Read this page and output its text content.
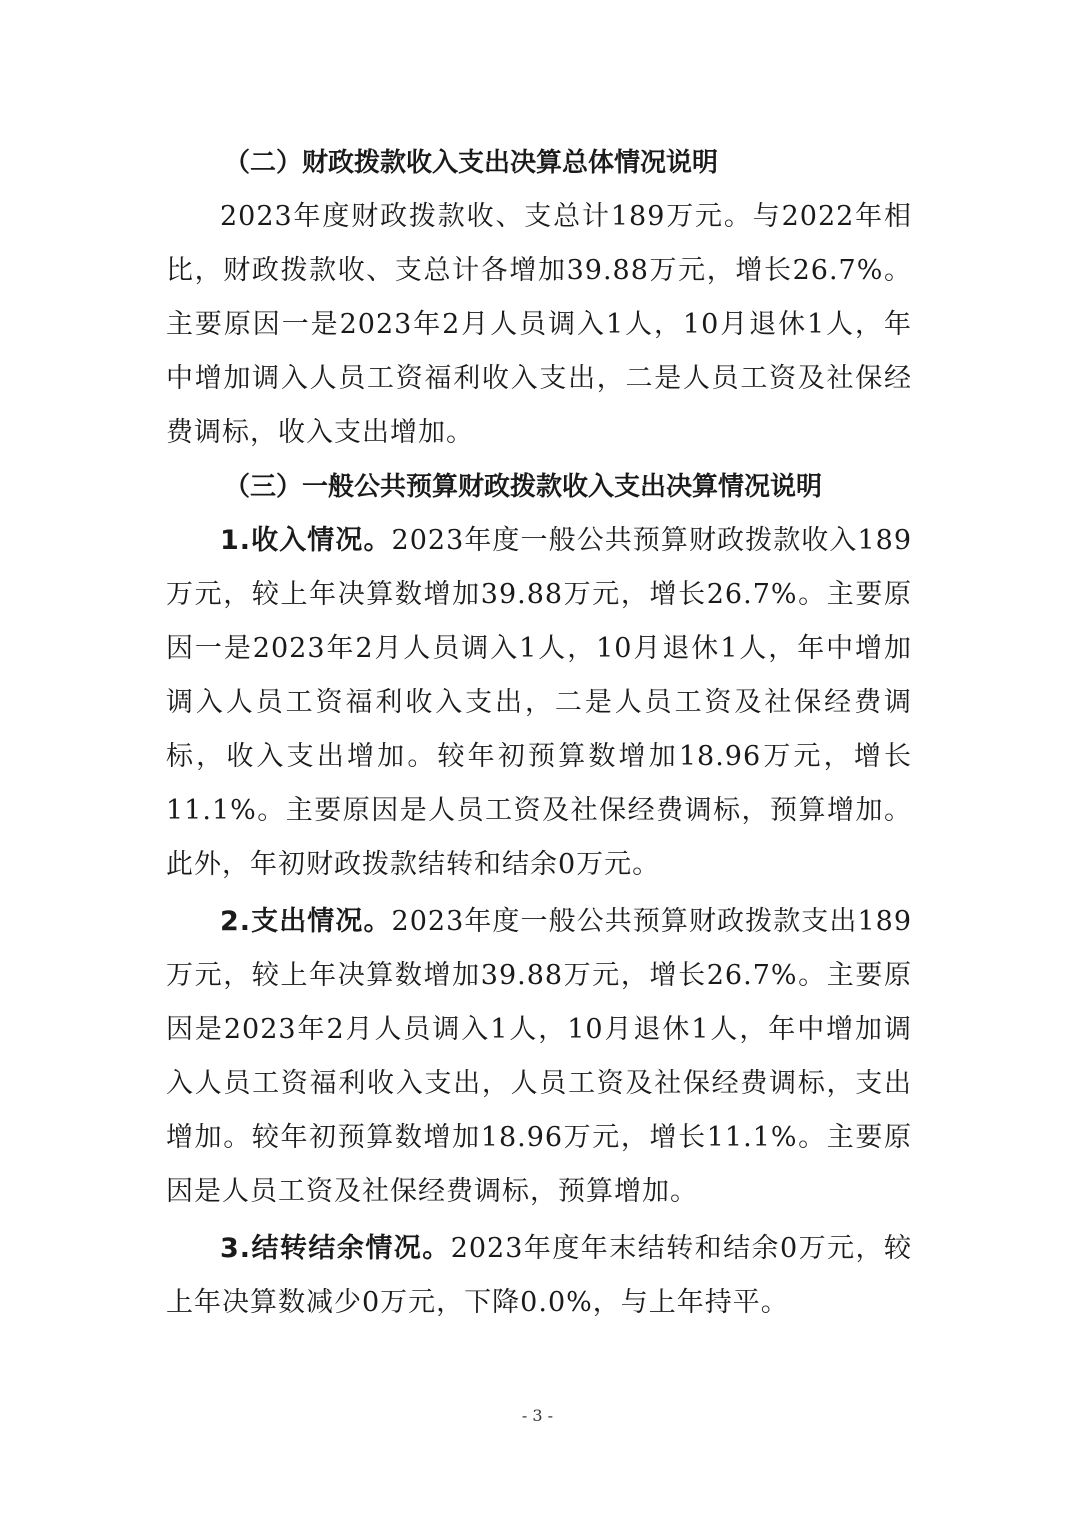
（二）财政拨款收入支出决算总体情况说明

2023年度财政拨款收、支总计189万元。与2022年相比，财政拨款收、支总计各增加39.88万元，增长26.7%。主要原因一是2023年2月人员调入1人，10月退休1人，年中增加调入人员工资福利收入支出，二是人员工资及社保经费调标，收入支出增加。

（三）一般公共预算财政拨款收入支出决算情况说明

1.收入情况。2023年度一般公共预算财政拨款收入189万元，较上年决算数增加39.88万元，增长26.7%。主要原因一是2023年2月人员调入1人，10月退休1人，年中增加调入人员工资福利收入支出，二是人员工资及社保经费调标，收入支出增加。较年初预算数增加18.96万元，增长11.1%。主要原因是人员工资及社保经费调标，预算增加。此外，年初财政拨款结转和结余0万元。

2.支出情况。2023年度一般公共预算财政拨款支出189万元，较上年决算数增加39.88万元，增长26.7%。主要原因是2023年2月人员调入1人，10月退休1人，年中增加调入人员工资福利收入支出，人员工资及社保经费调标，支出增加。较年初预算数增加18.96万元，增长11.1%。主要原因是人员工资及社保经费调标，预算增加。

3.结转结余情况。2023年度年末结转和结余0万元，较上年决算数减少0万元，下降0.0%，与上年持平。

- 3 -
